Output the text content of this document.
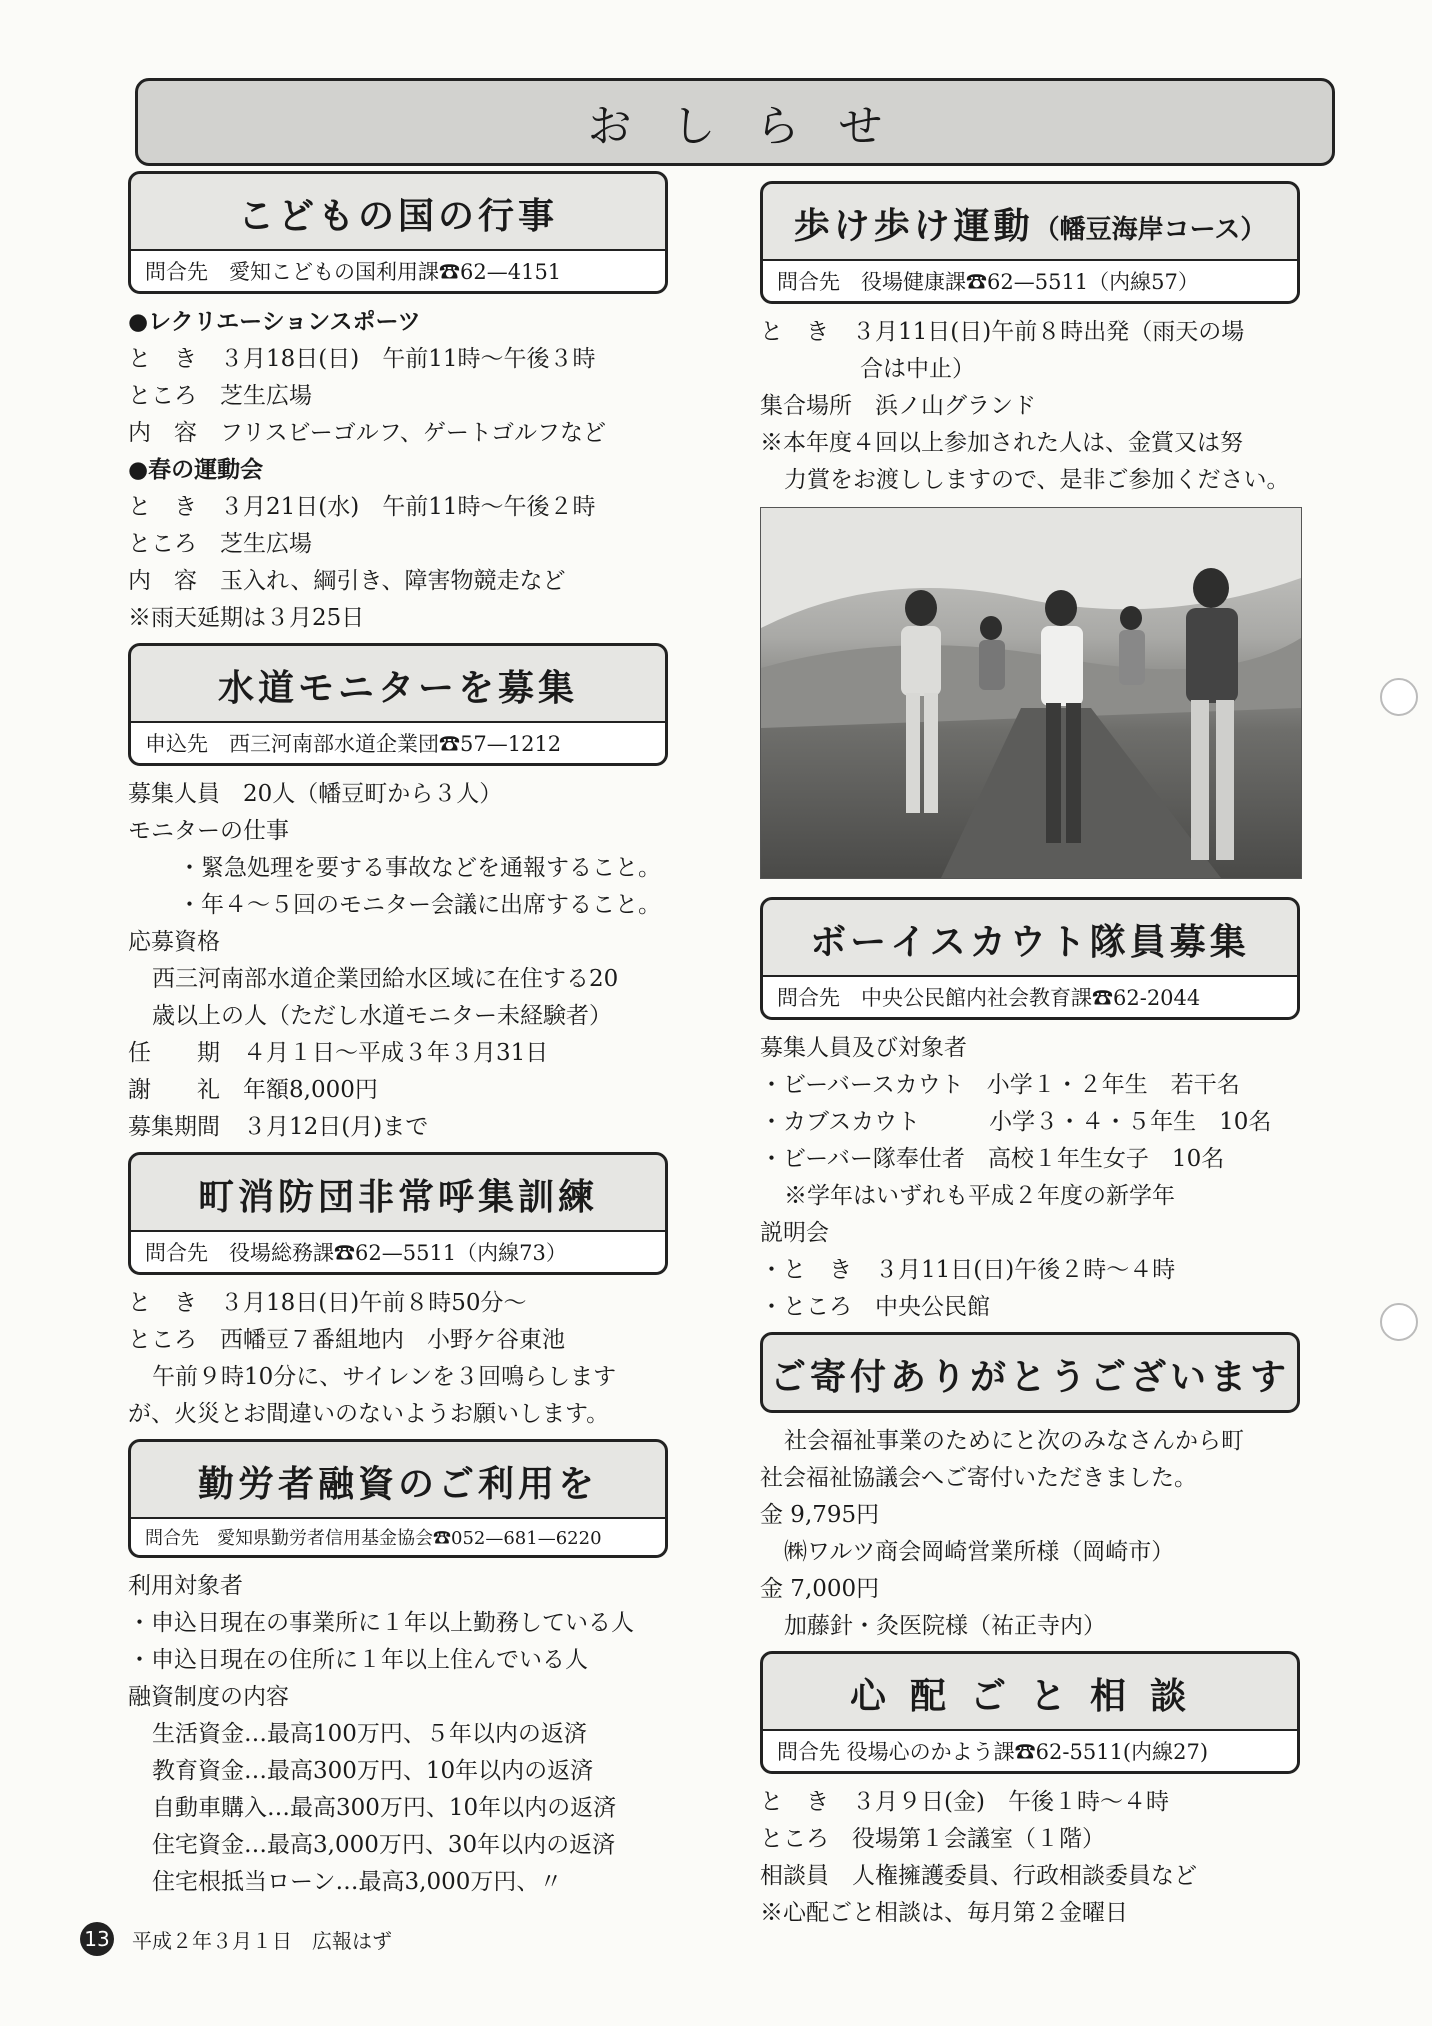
おしらせ
こどもの国の行事
問合先　愛知こどもの国利用課☎62—4151
●レクリエーションスポーツ
と　き　３月18日(日)　午前11時〜午後３時
ところ　芝生広場
内　容　フリスビーゴルフ、ゲートゴルフなど
●春の運動会
と　き　３月21日(水)　午前11時〜午後２時
ところ　芝生広場
内　容　玉入れ、綱引き、障害物競走など
※雨天延期は３月25日
水道モニターを募集
申込先　西三河南部水道企業団☎57—1212
募集人員　20人（幡豆町から３人）
モニターの仕事
・緊急処理を要する事故などを通報すること。
・年４〜５回のモニター会議に出席すること。
応募資格
西三河南部水道企業団給水区域に在住する20
歳以上の人（ただし水道モニター未経験者）
任　　期　４月１日〜平成３年３月31日
謝　　礼　年額8,000円
募集期間　３月12日(月)まで
町消防団非常呼集訓練
問合先　役場総務課☎62—5511（内線73）
と　き　３月18日(日)午前８時50分〜
ところ　西幡豆７番組地内　小野ケ谷東池
午前９時10分に、サイレンを３回鳴らします
が、火災とお間違いのないようお願いします。
勤労者融資のご利用を
問合先　愛知県勤労者信用基金協会☎052—681—6220
利用対象者
・申込日現在の事業所に１年以上勤務している人
・申込日現在の住所に１年以上住んでいる人
融資制度の内容
生活資金…最高100万円、５年以内の返済
教育資金…最高300万円、10年以内の返済
自動車購入…最高300万円、10年以内の返済
住宅資金…最高3,000万円、30年以内の返済
住宅根抵当ローン…最高3,000万円、〃
歩け歩け運動（幡豆海岸コース）
問合先　役場健康課☎62—5511（内線57）
と　き　３月11日(日)午前８時出発（雨天の場
合は中止）
集合場所　浜ノ山グランド
※本年度４回以上参加された人は、金賞又は努
力賞をお渡ししますので、是非ご参加ください。
ボーイスカウト隊員募集
問合先　中央公民館内社会教育課☎62-2044
募集人員及び対象者
・ビーバースカウト　小学１・２年生　若干名
・カブスカウト　　　小学３・４・５年生　10名
・ビーバー隊奉仕者　高校１年生女子　10名
※学年はいずれも平成２年度の新学年
説明会
・と　き　３月11日(日)午後２時〜４時
・ところ　中央公民館
ご寄付ありがとうございます
社会福祉事業のためにと次のみなさんから町
社会福祉協議会へご寄付いただきました。
金 9,795円
㈱ワルツ商会岡崎営業所様（岡崎市）
金 7,000円
加藤針・灸医院様（祐正寺内）
心配ごと相談
問合先 役場心のかよう課☎62-5511(内線27)
と　き　３月９日(金)　午後１時〜４時
ところ　役場第１会議室（１階）
相談員　人権擁護委員、行政相談委員など
※心配ごと相談は、毎月第２金曜日
13 平成２年３月１日　広報はず
